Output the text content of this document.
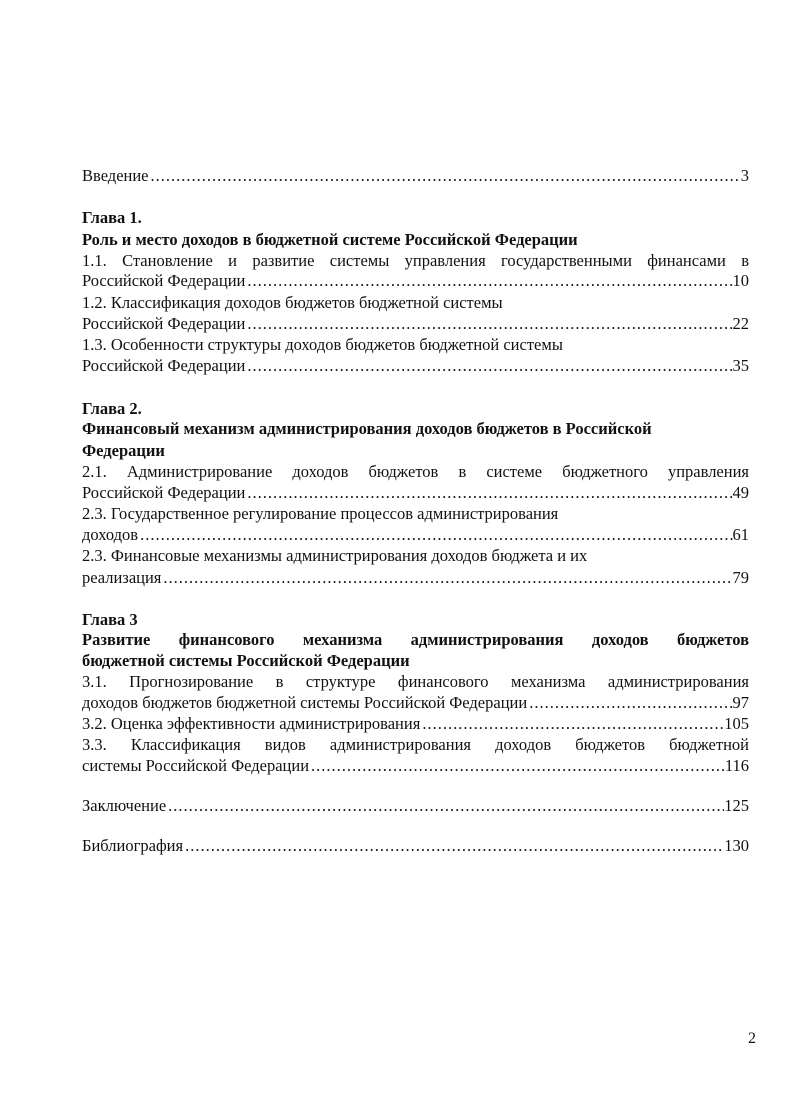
Введение .....	3
Глава 1.
Роль и место доходов в бюджетной системе Российской Федерации
1.1. Становление и развитие системы управления государственными финансами в
Российской Федерации .....	10
1.2. Классификация доходов бюджетов бюджетной системы
Российской Федерации .....	22
1.3. Особенности структуры доходов бюджетов бюджетной системы
Российской Федерации .....	35
Глава 2.
Финансовый механизм администрирования доходов бюджетов в Российской
Федерации
2.1. Администрирование доходов бюджетов в системе бюджетного управления
Российской Федерации .....	49
2.3. Государственное регулирование процессов администрирования
доходов .....	61
2.3. Финансовые механизмы администрирования доходов бюджета и их
реализация .....	79
Глава 3
Развитие финансового механизма администрирования доходов бюджетов
бюджетной системы Российской Федерации
3.1. Прогнозирование в структуре финансового механизма администрирования
доходов бюджетов бюджетной системы Российской Федерации .....	97
3.2. Оценка эффективности администрирования .....	105
3.3. Классификация видов администрирования доходов бюджетов бюджетной
системы Российской Федерации .....	116
Заключение .....	125
Библиография .....	130
2
